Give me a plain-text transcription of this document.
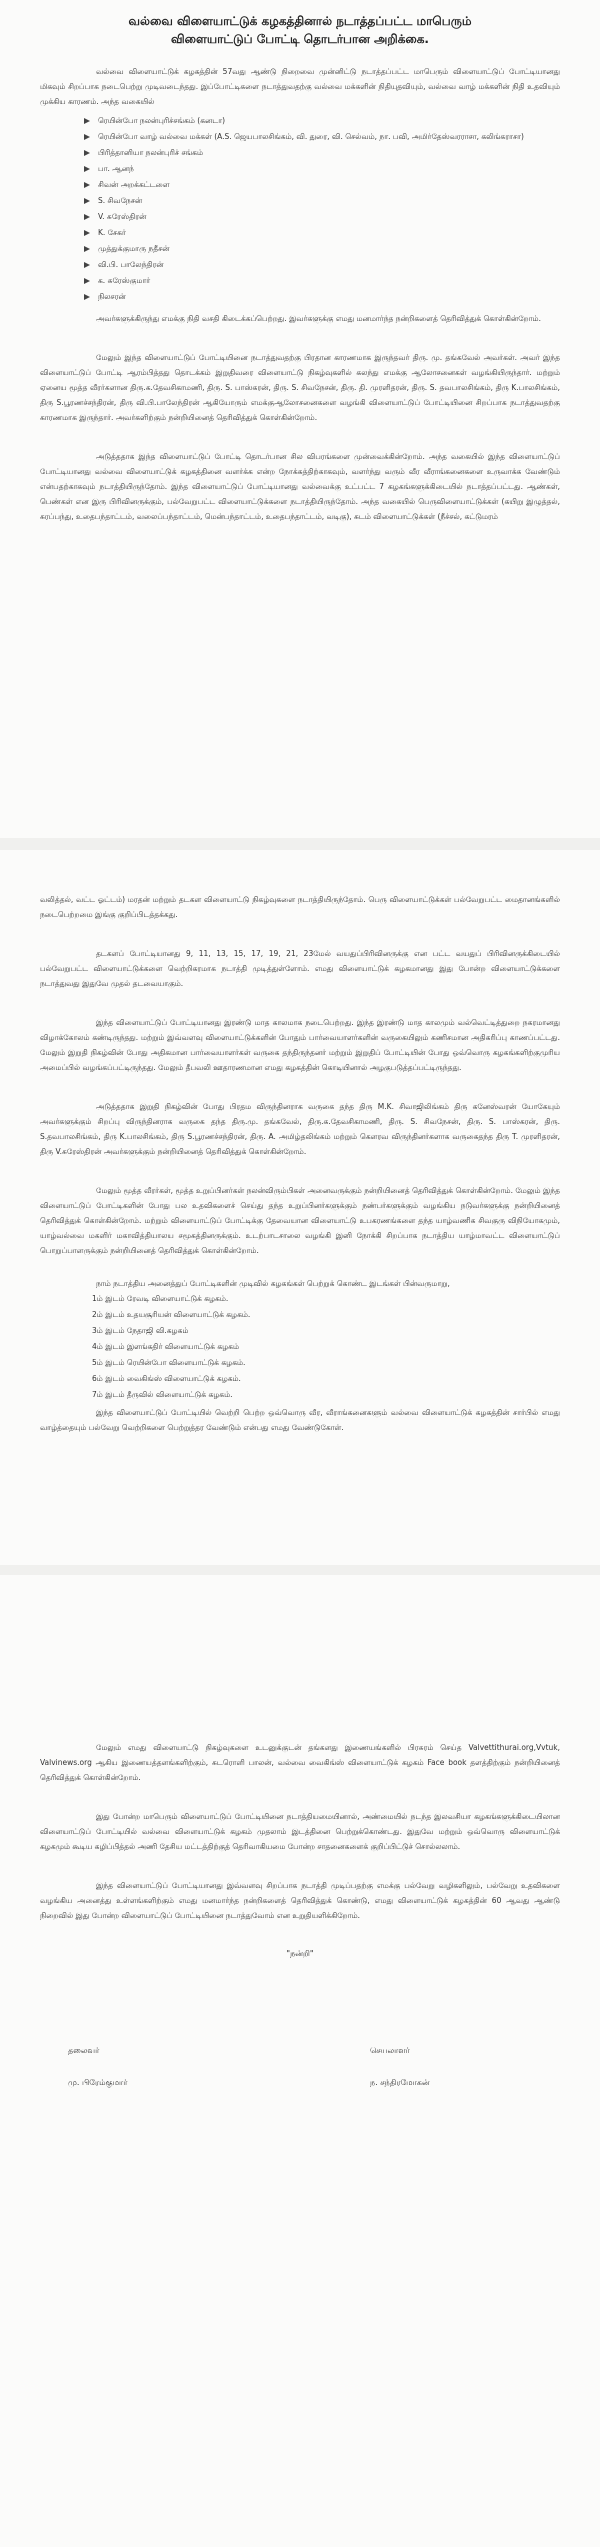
வல்வை விளையாட்டுக் கழகத்தினால் நடாத்தப்பட்ட மாபெரும்

விளையாட்டுப் போட்டி தொடர்பான அறிக்கை.

வல்வை விளையாட்டுக் கழகத்தின் 57வது ஆண்டு நிறைவை முன்னிட்டு நடாத்தப்பட்ட மாபெரும் விளையாட்டுப் போட்டியானது மிகவும் சிறப்பாக நடைபெற்று முடிவடைந்தது. இப்போட்டிகளை நடாத்துவதற்கு வல்வை மக்களின் நிதியுதவியும், வல்வை வாழ் மக்களின் நிதி உதவியும் முக்கிய காரணம். அந்த வகையில்

ரெயின்போ நலன்புரிச்சங்கம் (கனடா)
ரெயின்போ வாழ் வல்வை மக்கள் (A.S. ஜெயபாலசிங்கம், வி. துரை, வி. செல்வம், நா. பவி, அமிர்தேஸ்வரராசா, கலிங்கராசா)
பிரித்தானியா நலன்புரிச் சங்கம்
பா. ஆனந்
சிவன் அறக்கட்டளை
S. சிவநேசன்
V. சுரேஸ்திரன்
K. சேகர்
முத்துக்குமாரு நதீசன்
வி.பி. பாலேந்திரன்
க. சுரேஸ்குமார்
நிலசரன்

அவர்களுக்கிருந்து எமக்கு நிதி வசதி கிடைக்கப்பெற்றது. இவர்களுக்கு எமது மனமார்ந்த நன்றிகளைத் தெரிவித்துக் கொள்கின்றோம்.

மேலும் இந்த விளையாட்டுப் போட்டியினை நடாத்துவதற்கு பிரதான காரணமாக இருந்தவர் திரு. மு. தங்கவேல் அவர்கள். அவர் இந்த விளையாட்டுப் போட்டி ஆரம்பித்தது தொடக்கம் இறுதிவரை விளையாட்டு நிகழ்வுகளில் கலந்து எமக்கு ஆலோசனைகள் வழங்கியிருந்தார். மற்றும் ஏனைய மூத்த வீரர்களான திரு.க.தேவசிகாமணி, திரு. S. பாஸ்கரன், திரு. S. சிவநேசன், திரு. தி. முரளிதரன், திரு. S. தவபாலசிங்கம், திரு K.பாலசிங்கம், திரு S.பூரணச்சந்திரன், திரு வி.பி.பாலேந்திரன் ஆகியோரும் எமக்குஆலோசனைகளை வழங்கி விளையாட்டுப் போட்டியினை சிறப்பாக நடாத்துவதற்கு காரணமாக இருந்தார். அவர்களிற்கும் நன்றியினைத் தெரிவித்துக் கொள்கின்றோம்.

அடுத்ததாக இந்த விளையாட்டுப் போட்டி தொடர்பான சில விபரங்களை முன்வைக்கின்றோம். அந்த வகையில் இந்த விளையாட்டுப் போட்டியானது வல்வை விளையாட்டுக் கழகத்தினை வளர்க்க என்ற நோக்கத்திற்காகவும், வளர்ந்து வரும் வீர வீராங்கனைகளை உருவாக்க வேண்டும் என்பதற்காகவும் நடாத்தியிருந்தோம். இந்த விளையாட்டுப் போட்டியானது வல்வைக்கு உட்பட்ட 7 கழகங்களுக்கிடையில் நடாத்தப்பட்டது. ஆண்கள், பெண்கள் என இரு பிரிவினருக்கும், பல்வேறுபட்ட விளையாட்டுக்களை நடாத்தியிருந்தோம். அந்த வகையில் பெருவிளையாட்டுக்கள் (கயிறு இழுத்தல், சுரப்பந்து, உதைபந்தாட்டம், வலைப்பந்தாட்டம், மென்பந்தாட்டம், உதைபந்தாட்டம், வடிகு), சுடம் விளையாட்டுக்கள் (நீச்சல், கட்டுமரம்

வலித்தல், வட்ட ஓட்டம்) மரதன் மற்றும் தடகள விளையாட்டு நிகழ்வுகளை நடாத்தியிருந்தோம். பெரு விளையாட்டுக்கள் பல்வேறுபட்ட மைதானங்களில் நடைபெற்றமை இங்கு குறிப்பிடத்தக்கது.

தடகளப் போட்டியானது 9, 11, 13, 15, 17, 19, 21, 23மேல் வயதுப்பிரிவினருக்கு என பட்ட வயதுப் பிரிவினருக்கிடையில் பல்வேறுபட்ட விளையாட்டுக்களை வெற்றிகரமாக நடாத்தி முடித்துள்ளோம். எமது விளையாட்டுக் கழகமானது இது போன்ற விளையாட்டுக்களை நடாத்துவது இதுவே முதல் தடவையாகும்.

இந்த விளையாட்டுப் போட்டியானது இரண்டு மாத காலமாக நடைபெற்றது. இந்த இரண்டு மாத காலமும் வல்வெட்டித்துறை நகரமானது விழாக்கோலம் கண்டிருந்தது. மற்றும் இவ்வளவு விளையாட்டுக்களின் போதும் பார்வையாளர்களின் வருகையிலும் கணிசமான அதிகரிப்பு காணப்பட்டது. மேலும் இறுதி நிகழ்வின் போது அதிகமான பார்வையாளர்கள் வருகை தந்திருந்தனர் மற்றும் இறுதிப் போட்டியின் போது ஒவ்வொரு கழகங்களிற்குமுரிய அமைப்பில் வழங்கப்பட்டிருந்தது. மேலும் தீபவலி ஊதாரணமான எமது கழகத்தின் கொடியினால் அழகுபடுத்தப்பட்டிருந்தது.

அடுத்ததாக இறுதி நிகழ்வின் போது பிரதம விருந்தினராக வருகை தந்த திரு M.K. சிவாஜிலிங்கம் திரு கனேஸ்வரன் யோகேயும் அவர்களுக்கும் சிறப்பு விருந்தினராக வருகை தந்த திரு.மு. தங்கவேல், திரு.க.தேவசிகாமணி, திரு. S. சிவநேசன், திரு. S. பாஸ்கரன், திரு. S.தவபாலசிங்கம், திரு K.பாலசிங்கம், திரு S.பூரணச்சந்திரன், திரு. A. அமிழ்தலிங்கம் மற்றும் கௌரவ விருந்தினர்களாக வருகைதந்த திரு T. முரளிதரன், திரு V.சுரேஸ்திரன் அவர்களுக்கும் நன்றியினைத் தெரிவித்துக் கொள்கின்றோம்.

மேலும் மூத்த வீரர்கள், மூத்த உறுப்பினர்கள் நலன்விரும்பிகள் அனைவருக்கும் நன்றியினைத் தெரிவித்துக் கொள்கின்றோம். மேலும் இந்த விளையாட்டுப் போட்டிகளின் போது பல உதவிகளைச் செய்து தந்த உறுப்பினர்களுக்கும் நண்பர்களுக்கும் வழங்கிய நடுவர்களுக்கு நன்றியினைத் தெரிவித்துக் கொள்கின்றோம். மற்றும் விளையாட்டுப் போட்டிக்கு தேவையான விளையாட்டு உபகரணங்களை தந்த யாழ்வணிக சிவகுரு விநியோகமும், யாழ்வல்வை மகளிர் மகாவித்தியாலய சமூகத்தினருக்கும். உடற்பாடசாலை வழங்கி இனி நோக்கி சிறப்பாக நடாத்திய யாழ்மாவட்ட விளையாட்டுப் பொறுப்பாளருக்கும் நன்றியினைத் தெரிவித்துக் கொள்கின்றோம்.

நாம் நடாத்திய அனைத்துப் போட்டிகளின் முடிவில் கழகங்கள் பெற்றுக் கொண்ட இடங்கள் பின்வருமாறு,

1ம் இடம் ரேவடி விளையாட்டுக் கழகம்.
2ம் இடம் உதயசூரியன் விளையாட்டுக் கழகம்.
3ம் இடம் நேதாஜி வி.கழகம்
4ம் இடம் இளங்கதிர் விளையாட்டுக் கழகம்
5ம் இடம் ரெயின்போ விளையாட்டுக் கழகம்.
6ம் இடம் வைகிங்ஸ் விளையாட்டுக் கழகம்.
7ம் இடம் தீருவில் விளையாட்டுக் கழகம்.

இந்த விளையாட்டுப் போட்டியில் வெற்றி பெற்ற ஒவ்வொரு வீர, வீராங்கனைகளும் வல்வை விளையாட்டுக் கழகத்தின் சார்பில் எமது வாழ்த்தையும் பல்வேறு வெற்றிகளை பெற்றுத்தர வேண்டும் என்பது எமது வேண்டுகோள்.

மேலும் எமது விளையாட்டு நிகழ்வுகளை உடனுக்குடன் தங்களது இணையங்களில் பிரசுரம் செய்த Valvettithurai.org,Vvtuk, Valvinews.org ஆகிய இணையத்தளங்களிற்கும், சுடரொளி பாலன், வல்வை வைகிங்ஸ் விளையாட்டுக் கழகம் Face book தளத்திற்கும் நன்றியினைத் தெரிவித்துக் கொள்கின்றோம்.

இது போன்ற மாபெரும் விளையாட்டுப் போட்டியினை நடாத்தியமையினால், அண்மையில் நடந்த இலவசியா கழகங்களுக்கிடையிலான விளையாட்டுப் போட்டியில் வல்வை விளையாட்டுக் கழகம் முதலாம் இடத்தினை பெற்றுக்கொண்டது. இதுவே மற்றும் ஒவ்வொரு விளையாட்டுக் கழகமும் கூடிய கழிப்பித்தல் அணி தேசிய மட்டத்திற்குத் தெரிவாகியமை போன்ற சாதனைகளைக் குறிப்பிட்டுச் சொல்லலாம்.

இந்த விளையாட்டுப் போட்டியானது இவ்வளவு சிறப்பாக நடாத்தி முடிப்பதற்கு எமக்கு பல்வேறு வழிகளிலும், பல்வேறு உதவிகளை வழங்கிய அனைத்து உள்ளங்களிற்கும் எமது மனமார்ந்த நன்றிகளைத் தெரிவித்துக் கொண்டு, எமது விளையாட்டுக் கழகத்தின் 60 ஆவது ஆண்டு நிறைவில் இது போன்ற விளையாட்டுப் போட்டியினை நடாத்துவோம் என உறுதியளிக்கிறோம்.

"நன்றி"

தலைவர்
மு. பிரேம்குமார்
செயலாளர்
ந. சந்திரமோகன்
